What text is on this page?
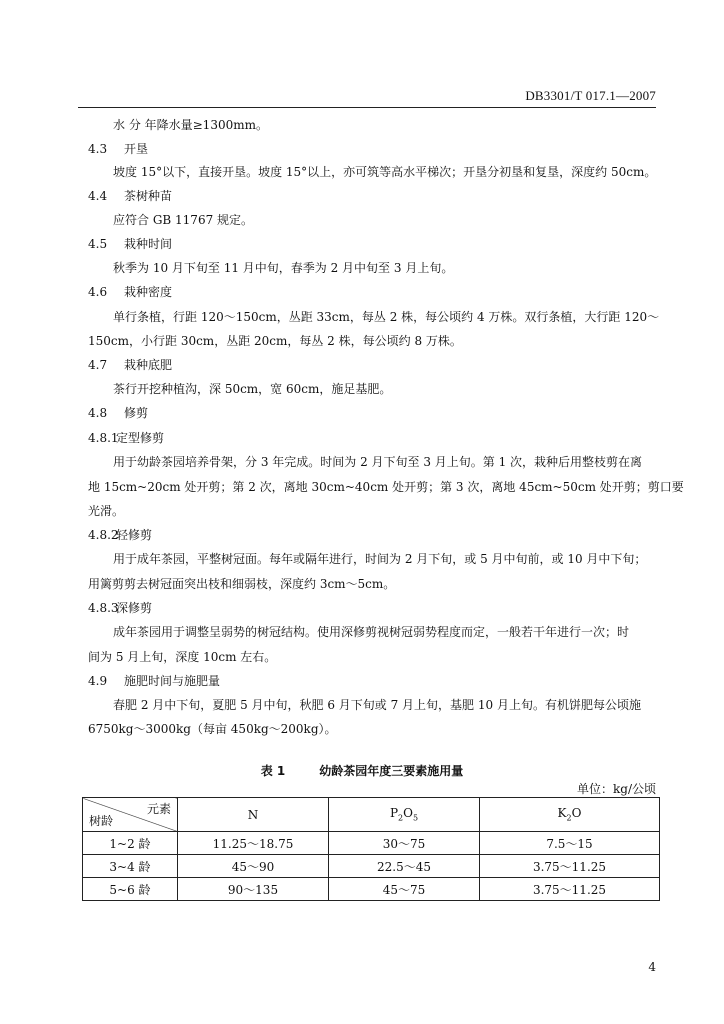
DB3301/T 017.1—2007
水 分 年降水量≥1300mm。
4.3 开垦
坡度 15°以下，直接开垦。坡度 15°以上，亦可筑等高水平梯次；开垦分初垦和复垦，深度约 50cm。
4.4 茶树种苗
应符合 GB 11767 规定。
4.5 栽种时间
秋季为 10 月下旬至 11 月中旬，春季为 2 月中旬至 3 月上旬。
4.6 栽种密度
单行条植，行距 120～150cm，丛距 33cm，每丛 2 株，每公顷约 4 万株。双行条植，大行距 120～
150cm，小行距 30cm，丛距 20cm，每丛 2 株，每公顷约 8 万株。
4.7 栽种底肥
茶行开挖种植沟，深 50cm，宽 60cm，施足基肥。
4.8 修剪
4.8.1定型修剪
用于幼龄茶园培养骨架，分 3 年完成。时间为 2 月下旬至 3 月上旬。第 1 次，栽种后用整枝剪在离
地 15cm~20cm 处开剪；第 2 次，离地 30cm~40cm 处开剪；第 3 次，离地 45cm~50cm 处开剪；剪口要
光滑。
4.8.2轻修剪
用于成年茶园，平整树冠面。每年或隔年进行，时间为 2 月下旬，或 5 月中旬前，或 10 月中下旬；
用篱剪剪去树冠面突出枝和细弱枝，深度约 3cm～5cm。
4.8.3深修剪
成年茶园用于调整呈弱势的树冠结构。使用深修剪视树冠弱势程度而定，一般若干年进行一次；时
间为 5 月上旬，深度 10cm 左右。
4.9 施肥时间与施肥量
春肥 2 月中下旬，夏肥 5 月中旬，秋肥 6 月下旬或 7 月上旬，基肥 10 月上旬。有机饼肥每公顷施
6750kg～3000kg（每亩 450kg～200kg）。
表 1	幼龄茶园年度三要素施用量
单位：kg/公顷
元素
树龄	N	$P_2O_5$	$K_2O$
1~2 龄	11.25～18.75	30～75	7.5～15
3~4 龄	45～90	22.5～45	3.75～11.25
5~6 龄	90～135	45～75	3.75～11.25
4
